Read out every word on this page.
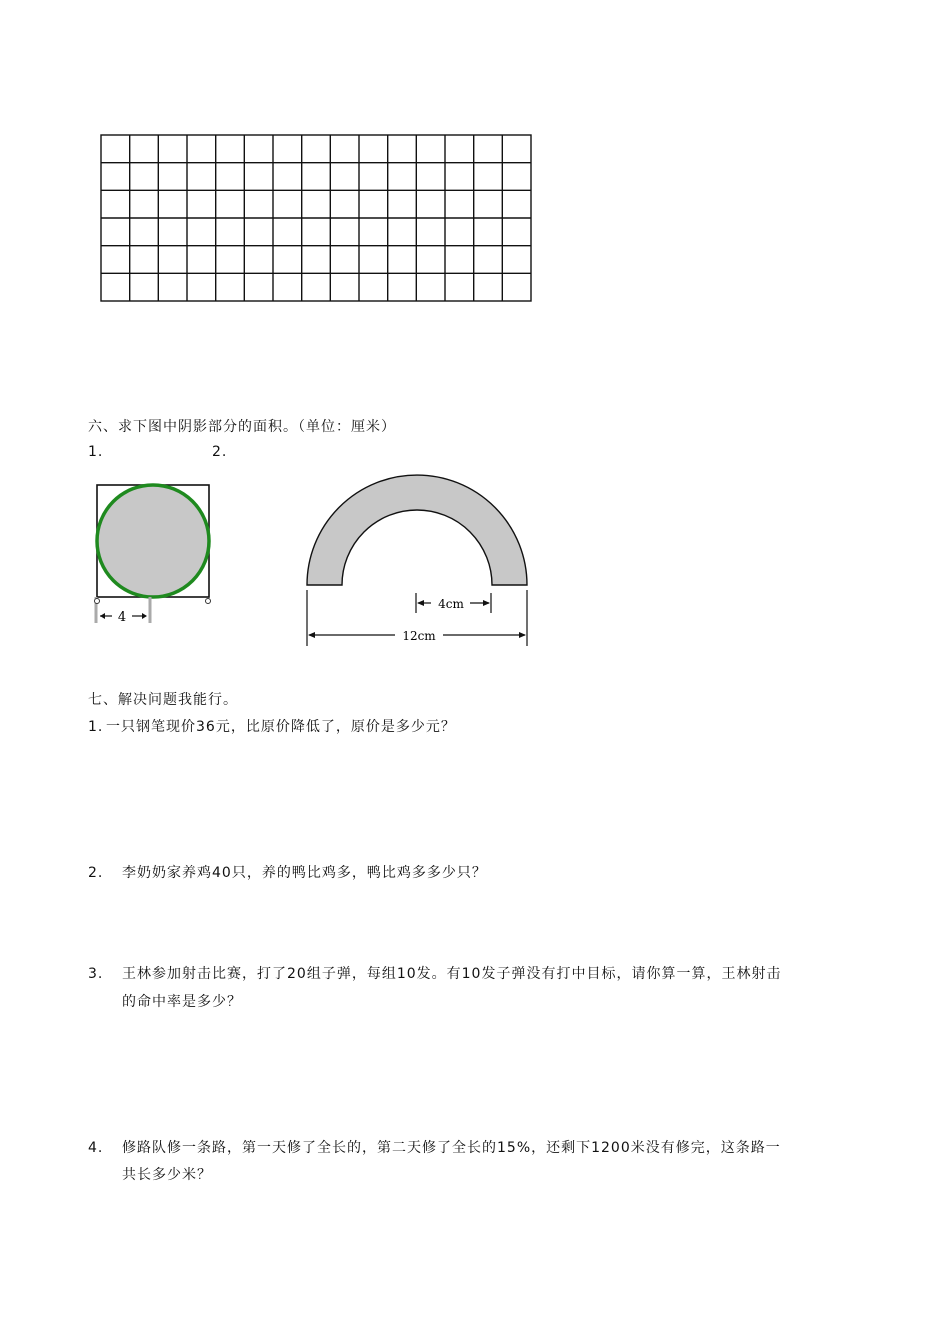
六、求下图中阴影部分的面积。（单位：厘米）
1.	2.
4
4cm
12cm
七、解决问题我能行。
1. 一只钢笔现价36元，比原价降低了，原价是多少元？
2. 李奶奶家养鸡40只，养的鸭比鸡多，鸭比鸡多多少只？
3. 王林参加射击比赛，打了20组子弹，每组10发。有10发子弹没有打中目标，请你算一算，王林射击
的命中率是多少？
4. 修路队修一条路，第一天修了全长的，第二天修了全长的15%，还剩下1200米没有修完，这条路一
共长多少米？
